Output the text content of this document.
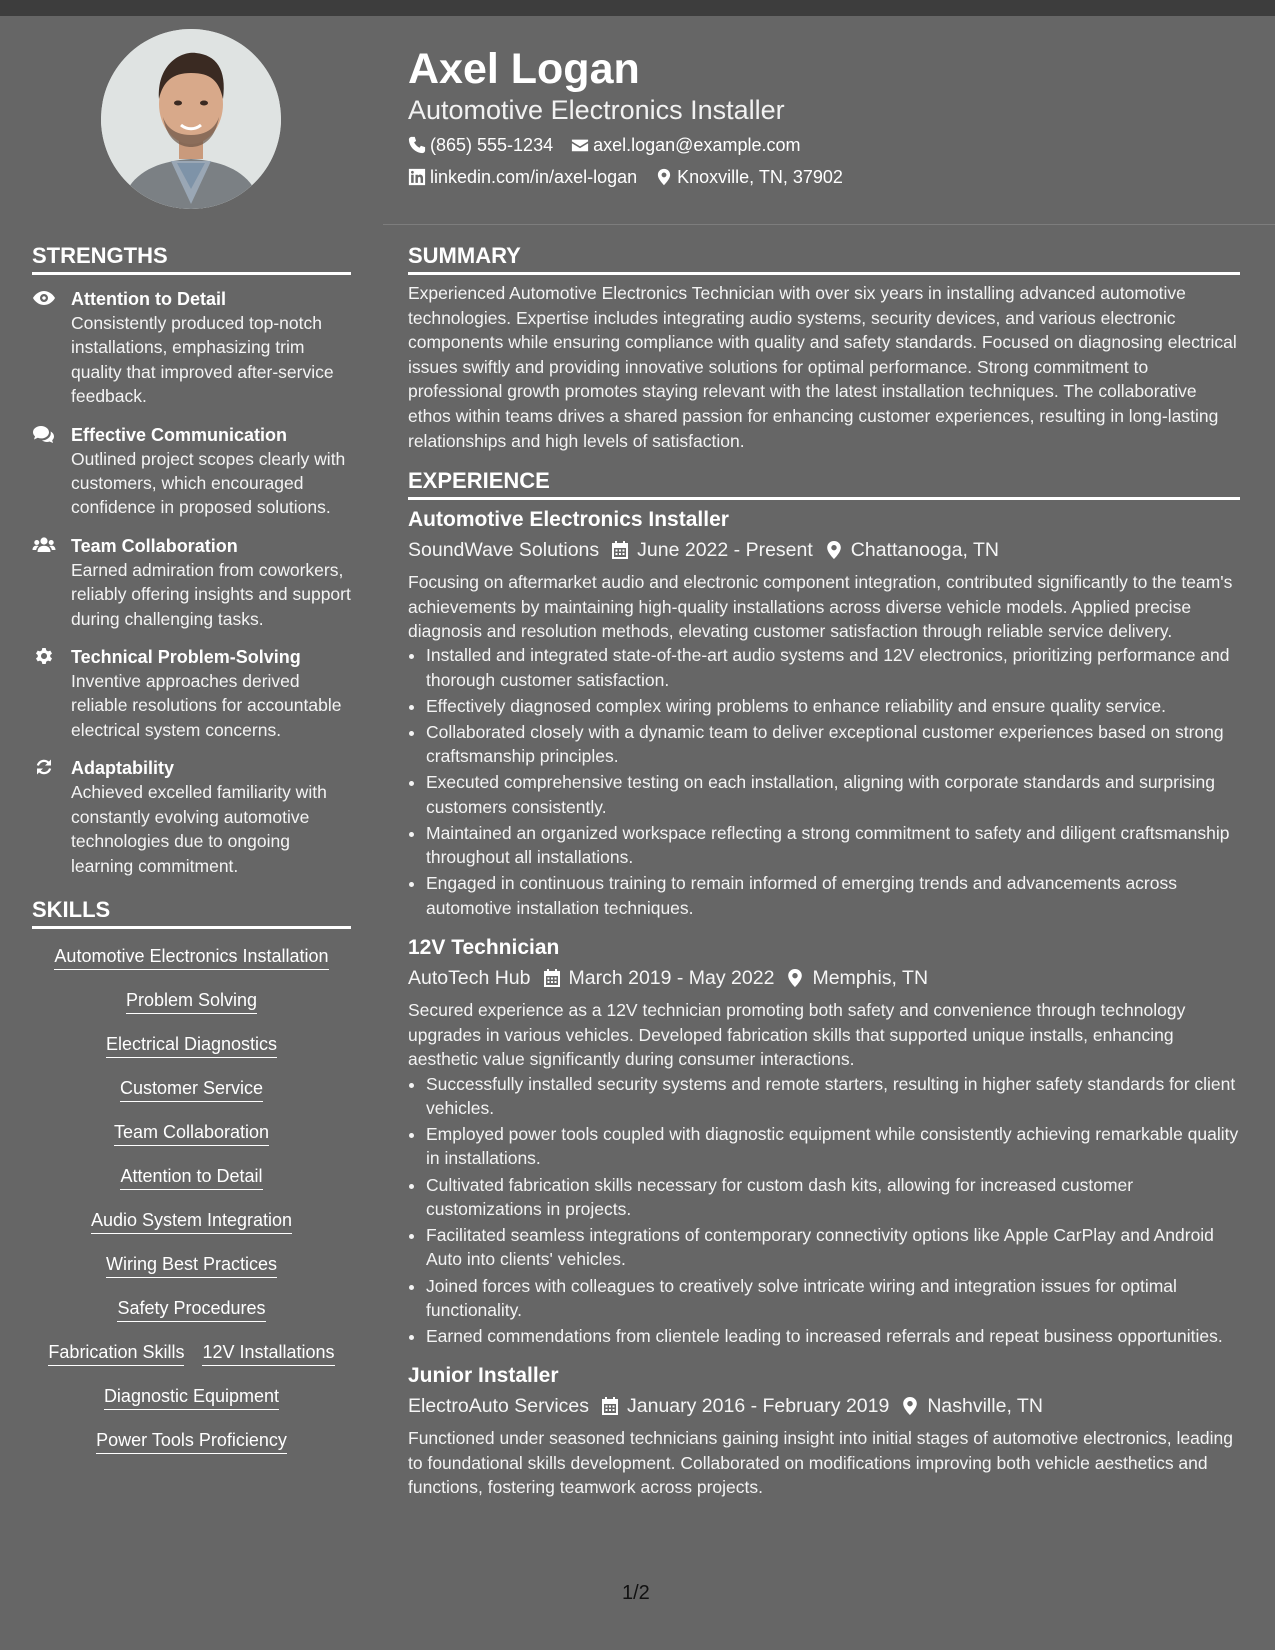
Axel Logan
Automotive Electronics Installer
(865) 555-1234 axel.logan@example.com
linkedin.com/in/axel-logan Knoxville, TN, 37902
STRENGTHS
Attention to Detail
Consistently produced top-notch installations, emphasizing trim quality that improved after-service feedback.
Effective Communication
Outlined project scopes clearly with customers, which encouraged confidence in proposed solutions.
Team Collaboration
Earned admiration from coworkers, reliably offering insights and support during challenging tasks.
Technical Problem-Solving
Inventive approaches derived reliable resolutions for accountable electrical system concerns.
Adaptability
Achieved excelled familiarity with constantly evolving automotive technologies due to ongoing learning commitment.
SKILLS
Automotive Electronics Installation
Problem Solving
Electrical Diagnostics
Customer Service
Team Collaboration
Attention to Detail
Audio System Integration
Wiring Best Practices
Safety Procedures
Fabrication Skills 12V Installations
Diagnostic Equipment
Power Tools Proficiency
SUMMARY

Experienced Automotive Electronics Technician with over six years in installing advanced automotive technologies. Expertise includes integrating audio systems, security devices, and various electronic components while ensuring compliance with quality and safety standards. Focused on diagnosing electrical issues swiftly and providing innovative solutions for optimal performance. Strong commitment to professional growth promotes staying relevant with the latest installation techniques. The collaborative ethos within teams drives a shared passion for enhancing customer experiences, resulting in long-lasting relationships and high levels of satisfaction.

EXPERIENCE
Automotive Electronics Installer
SoundWave Solutions June 2022 - Present Chattanooga, TN
Focusing on aftermarket audio and electronic component integration, contributed significantly to the team's achievements by maintaining high-quality installations across diverse vehicle models. Applied precise diagnosis and resolution methods, elevating customer satisfaction through reliable service delivery.
• Installed and integrated state-of-the-art audio systems and 12V electronics, prioritizing performance and thorough customer satisfaction.
• Effectively diagnosed complex wiring problems to enhance reliability and ensure quality service.
• Collaborated closely with a dynamic team to deliver exceptional customer experiences based on strong craftsmanship principles.
• Executed comprehensive testing on each installation, aligning with corporate standards and surprising customers consistently.
• Maintained an organized workspace reflecting a strong commitment to safety and diligent craftsmanship throughout all installations.
• Engaged in continuous training to remain informed of emerging trends and advancements across automotive installation techniques.
12V Technician
AutoTech Hub March 2019 - May 2022 Memphis, TN
Secured experience as a 12V technician promoting both safety and convenience through technology upgrades in various vehicles. Developed fabrication skills that supported unique installs, enhancing aesthetic value significantly during consumer interactions.
• Successfully installed security systems and remote starters, resulting in higher safety standards for client vehicles.
• Employed power tools coupled with diagnostic equipment while consistently achieving remarkable quality in installations.
• Cultivated fabrication skills necessary for custom dash kits, allowing for increased customer customizations in projects.
• Facilitated seamless integrations of contemporary connectivity options like Apple CarPlay and Android Auto into clients' vehicles.
• Joined forces with colleagues to creatively solve intricate wiring and integration issues for optimal functionality.
• Earned commendations from clientele leading to increased referrals and repeat business opportunities.
Junior Installer
ElectroAuto Services January 2016 - February 2019 Nashville, TN
Functioned under seasoned technicians gaining insight into initial stages of automotive electronics, leading to foundational skills development. Collaborated on modifications improving both vehicle aesthetics and functions, fostering teamwork across projects.
1/2
